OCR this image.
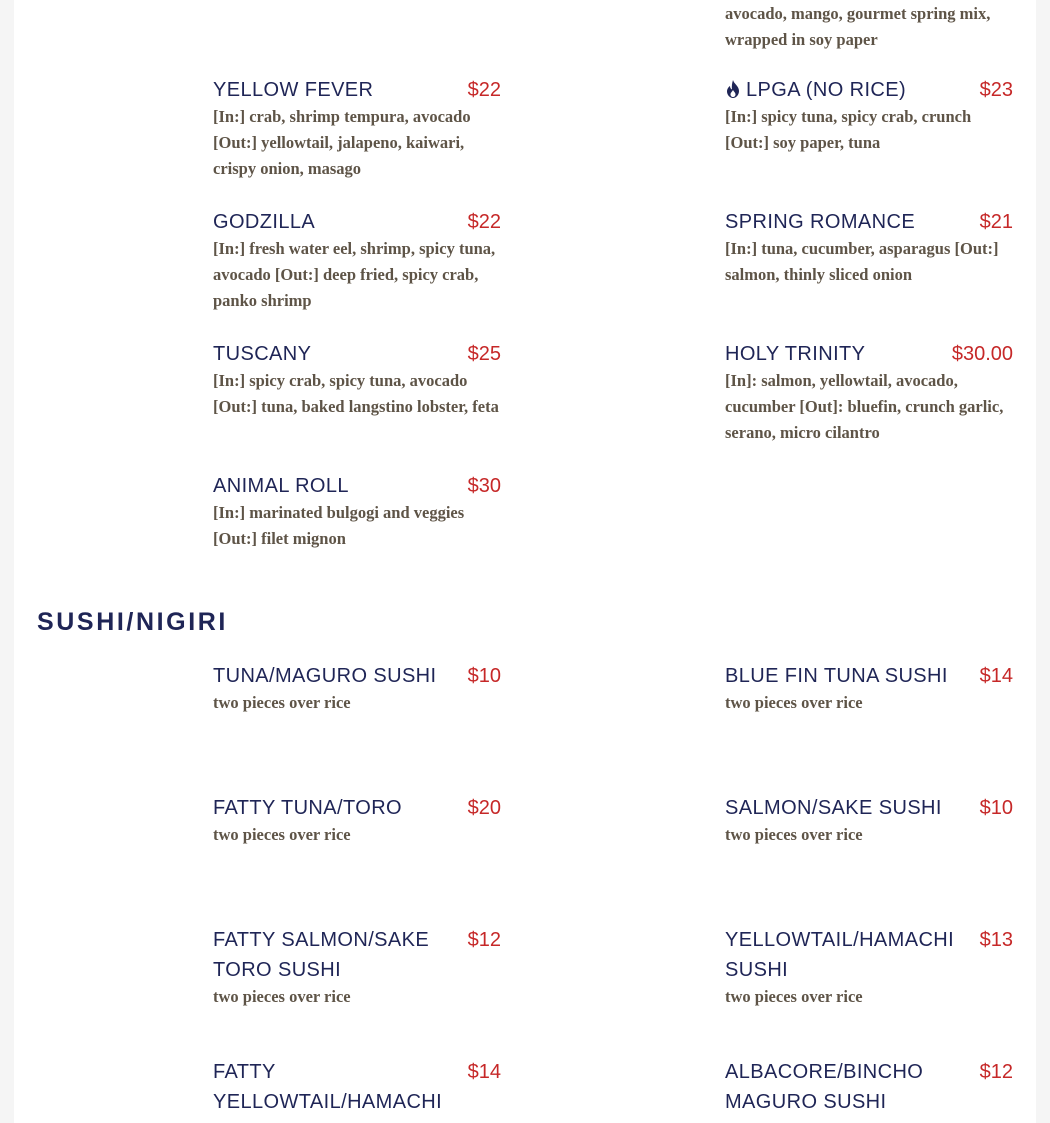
avocado, mango, gourmet spring mix, wrapped in soy paper
YELLOW FEVER	$22
[In:] crab, shrimp tempura, avocado [Out:] yellowtail, jalapeno, kaiwari, crispy onion, masago
LPGA (NO RICE)	$23
[In:] spicy tuna, spicy crab, crunch [Out:] soy paper, tuna
GODZILLA	$22
[In:] fresh water eel, shrimp, spicy tuna, avocado [Out:] deep fried, spicy crab, panko shrimp
SPRING ROMANCE	$21
[In:] tuna, cucumber, asparagus [Out:] salmon, thinly sliced onion
TUSCANY	$25
[In:] spicy crab, spicy tuna, avocado [Out:] tuna, baked langstino lobster, feta
HOLY TRINITY	$30.00
[In]: salmon, yellowtail, avocado, cucumber [Out]: bluefin, crunch garlic, serano, micro cilantro
ANIMAL ROLL	$30
[In:] marinated bulgogi and veggies [Out:] filet mignon
SUSHI/NIGIRI
TUNA/MAGURO SUSHI $10
two pieces over rice
BLUE FIN TUNA SUSHI $14
two pieces over rice
FATTY TUNA/TORO	$20
two pieces over rice
SALMON/SAKE SUSHI $10
two pieces over rice
FATTY SALMON/SAKE TORO SUSHI
$12
two pieces over rice
YELLOWTAIL/HAMACHI SUSHI
$13
two pieces over rice
FATTY YELLOWTAIL/HAMACHI
$14	ALBACORE/BINCHO MAGURO SUSHI
$12
